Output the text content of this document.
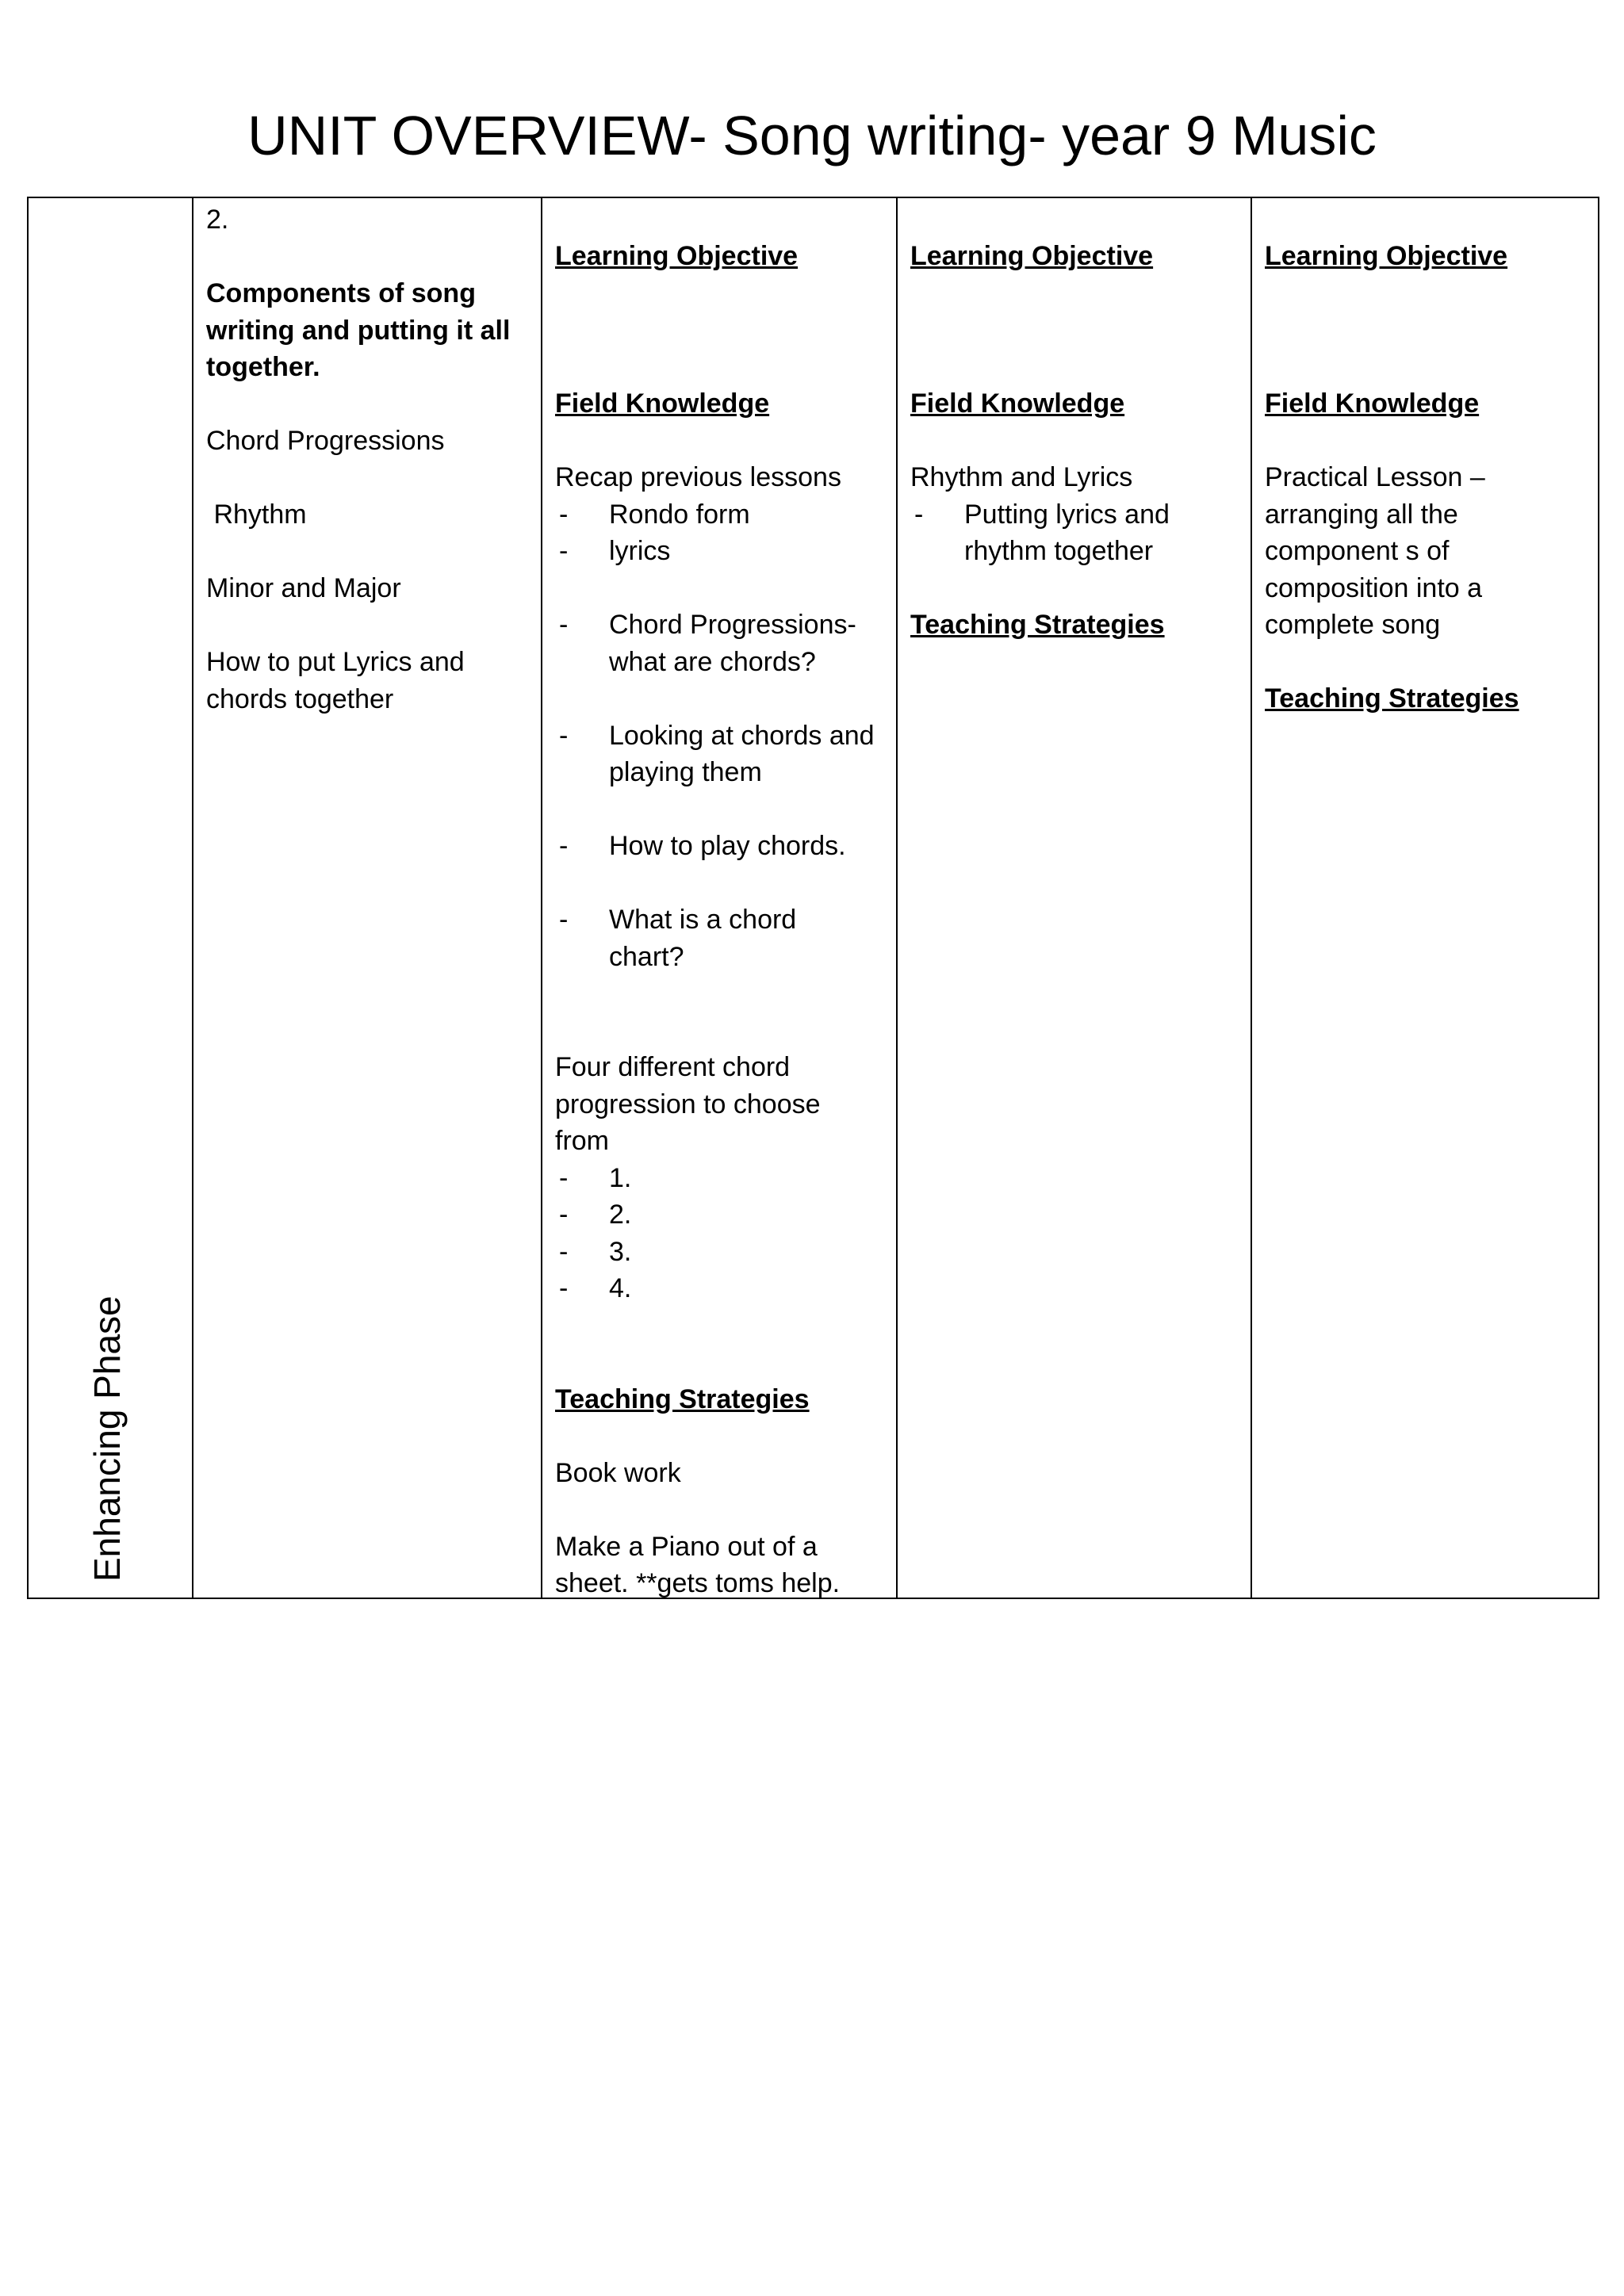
UNIT OVERVIEW- Song writing- year 9 Music
Enhancing Phase
2.
Components of song writing and putting it all together.
Chord Progressions
Rhythm
Minor and Major
How to put Lyrics and chords together
Learning Objective
Field Knowledge
Recap previous lessons
- Rondo form
- lyrics
- Chord Progressions- what are chords?
- Looking at chords and playing them
- How to play chords.
- What is a chord chart?
Four different chord progression to choose from
- 1.
- 2.
- 3.
- 4.
Teaching Strategies
Book work
Make a Piano out of a sheet. **gets toms help.
Learning Objective
Field Knowledge
Rhythm and Lyrics
- Putting lyrics and rhythm together
Teaching Strategies
Learning Objective
Field Knowledge
Practical Lesson – arranging all the component s of composition into a complete song
Teaching Strategies
